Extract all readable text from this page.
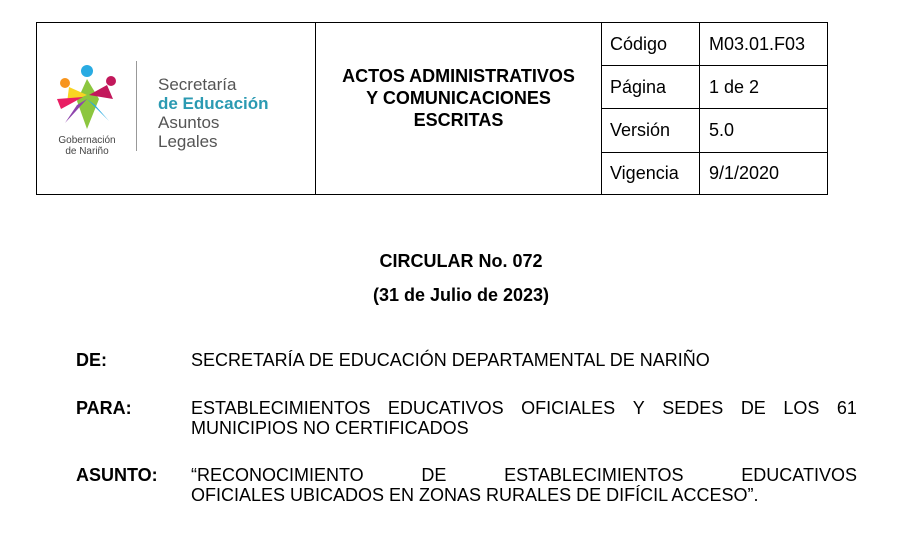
Gobernación
de Nariño
Secretaría
de Educación
Asuntos
Legales
ACTOS ADMINISTRATIVOS
Y COMUNICACIONES
ESCRITAS
Código	M03.01.F03
Página	1 de 2
Versión	5.0
Vigencia	9/1/2020
CIRCULAR No. 072
(31 de Julio de 2023)
DE:	SECRETARÍA DE EDUCACIÓN DEPARTAMENTAL DE NARIÑO
PARA:	ESTABLECIMIENTOS EDUCATIVOS OFICIALES Y SEDES DE LOS 61
MUNICIPIOS NO CERTIFICADOS
ASUNTO: “RECONOCIMIENTO	DE	ESTABLECIMIENTOS	EDUCATIVOS
OFICIALES UBICADOS EN ZONAS RURALES DE DIFÍCIL ACCESO”.
